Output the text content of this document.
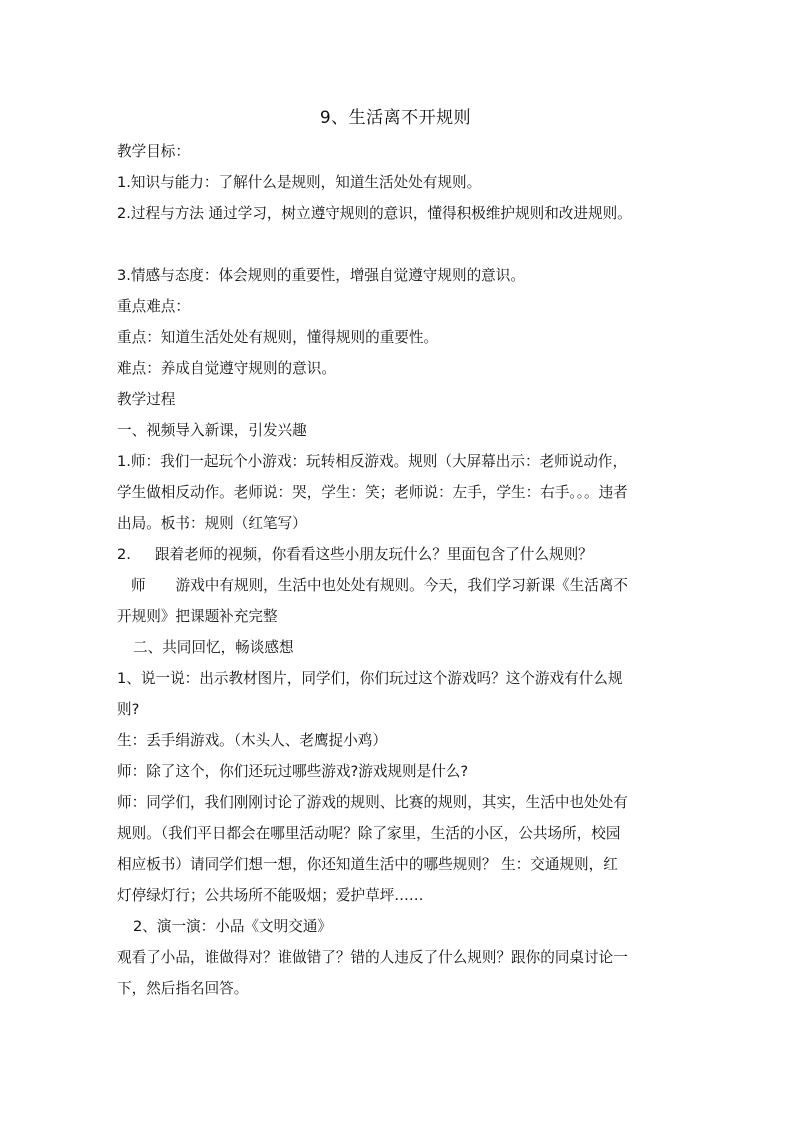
9、生活离不开规则
教学目标：
1.知识与能力：了解什么是规则，知道生活处处有规则。
2.过程与方法 通过学习，树立遵守规则的意识，懂得积极维护规则和改进规则。
3.情感与态度：体会规则的重要性，增强自觉遵守规则的意识。
重点难点：
重点：知道生活处处有规则，懂得规则的重要性。
难点：养成自觉遵守规则的意识。
教学过程
一、视频导入新课，引发兴趣
1.师：我们一起玩个小游戏：玩转相反游戏。规则（大屏幕出示：老师说动作，
学生做相反动作。老师说：哭，学生：笑；老师说：左手，学生：右手。。。违者
出局。板书：规则（红笔写）
2. 跟着老师的视频，你看看这些小朋友玩什么？里面包含了什么规则？
师 游戏中有规则，生活中也处处有规则。今天，我们学习新课《生活离不
开规则》把课题补充完整
二、共同回忆，畅谈感想
1、说一说：出示教材图片，同学们，你们玩过这个游戏吗？这个游戏有什么规
则?
生：丢手绢游戏。（木头人、老鹰捉小鸡）
师：除了这个，你们还玩过哪些游戏?游戏规则是什么?
师：同学们，我们刚刚讨论了游戏的规则、比赛的规则，其实，生活中也处处有
规则。（我们平日都会在哪里活动呢？除了家里，生活的小区，公共场所，校园
相应板书）请同学们想一想，你还知道生活中的哪些规则？ 生：交通规则，红
灯停绿灯行；公共场所不能吸烟；爱护草坪……
2、演一演：小品《文明交通》
观看了小品，谁做得对？谁做错了？错的人违反了什么规则？跟你的同桌讨论一
下，然后指名回答。
